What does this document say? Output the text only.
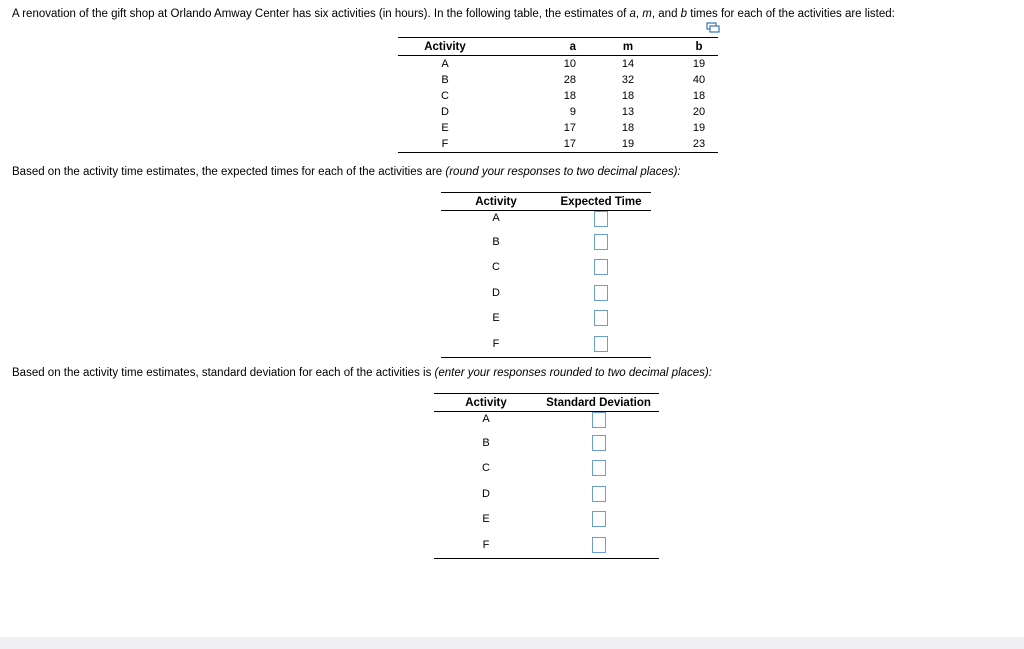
A renovation of the gift shop at Orlando Amway Center has six activities (in hours). In the following table, the estimates of a, m, and b times for each of the activities are listed:
Activity	a	m	b
A	10	14	19
B	28	32	40
C	18	18	18
D	9	13	20
E	17	18	19
F	17	19	23
Based on the activity time estimates, the expected times for each of the activities are (round your responses to two decimal places):
Activity	Expected Time
A	
B	
C	
D	
E	
F	
Based on the activity time estimates, standard deviation for each of the activities is (enter your responses rounded to two decimal places):
Activity	Standard Deviation
A	
B	
C	
D	
E	
F	
